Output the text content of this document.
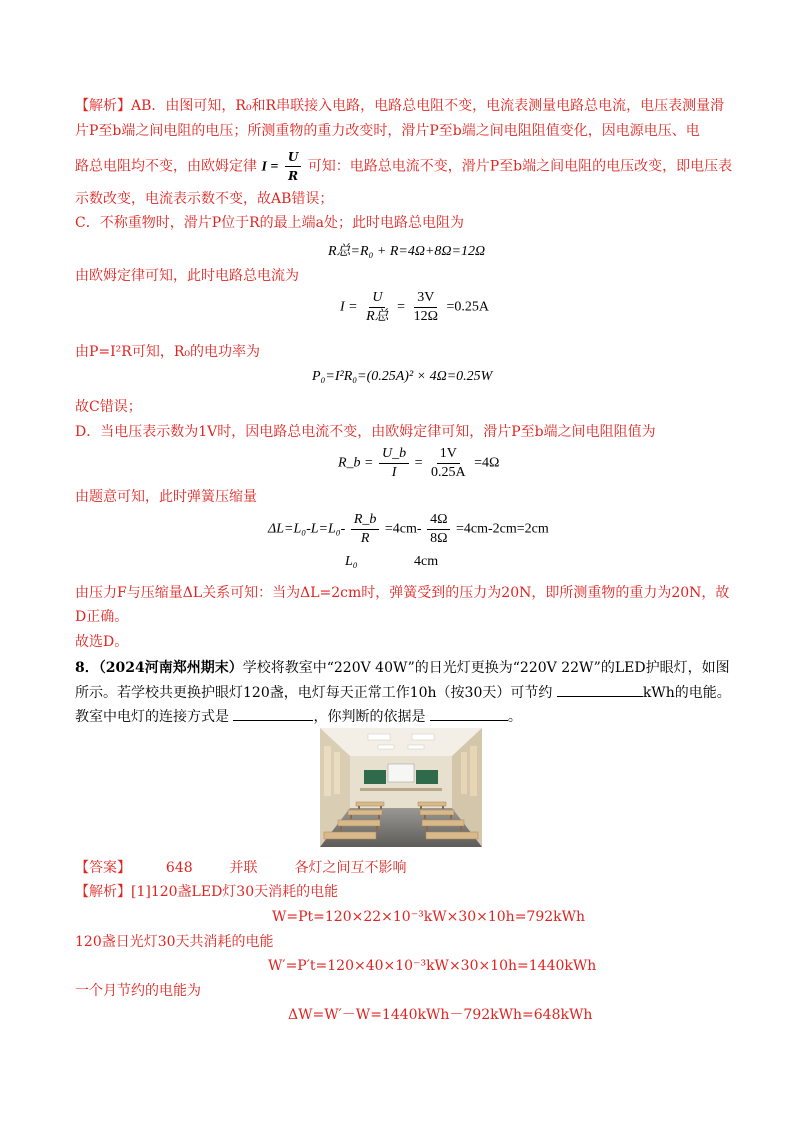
【解析】AB．由图可知，R₀和R串联接入电路，电路总电阻不变，电流表测量电路总电流，电压表测量滑
片P至b端之间电阻的电压；所测重物的重力改变时，滑片P至b端之间电阻阻值变化，因电源电压、电
路总电阻均不变，由欧姆定律 $I = \frac{U}{R}$ 可知：电路总电流不变，滑片P至b端之间电阻的电压改变，即电压表
示数改变，电流表示数不变，故AB错误；
C．不称重物时，滑片P位于R的最上端a处；此时电路总电阻为
R总=R₀ + R=4Ω+8Ω=12Ω
由欧姆定律可知，此时电路总电流为
$I = \frac{U}{\text{R总}} = \frac{3V}{12\Omega} =0.25A$
由P=I²R可知，R₀的电功率为
P₀=I²R₀=(0.25A)² × 4Ω=0.25W
故C错误；
D．当电压表示数为1V时，因电路总电流不变，由欧姆定律可知，滑片P至b端之间电阻阻值为
R_b = $\frac{U\_b}{I} = \frac{1V}{0.25A} =4\Omega$
由题意可知，此时弹簧压缩量
$\Delta L=L_0-L=L_0- \frac{R\_b}{R} =4cm- \frac{4\Omega}{8\Omega} =4cm-2cm=2cm$
L₀	4cm
由压力F与压缩量ΔL关系可知：当为ΔL=2cm时，弹簧受到的压力为20N，即所测重物的重力为20N，故
D正确。
故选D。
8．（2024河南郑州期末）学校将教室中“220V 40W”的日光灯更换为“220V 22W”的LED护眼灯，如图
所示。若学校共更换护眼灯120盏，电灯每天正常工作10h（按30天）可节约	kWh的电能。
教室中电灯的连接方式是	，你判断的依据是	。
【答案】 648	并联	各灯之间互不影响
【解析】[1]120盏LED灯30天消耗的电能
W=Pt=120×22×10⁻³kW×30×10h=792kWh
120盏日光灯30天共消耗的电能
W′=P′t=120×40×10⁻³kW×30×10h=1440kWh
一个月节约的电能为
ΔW=W′－W=1440kWh－792kWh=648kWh
